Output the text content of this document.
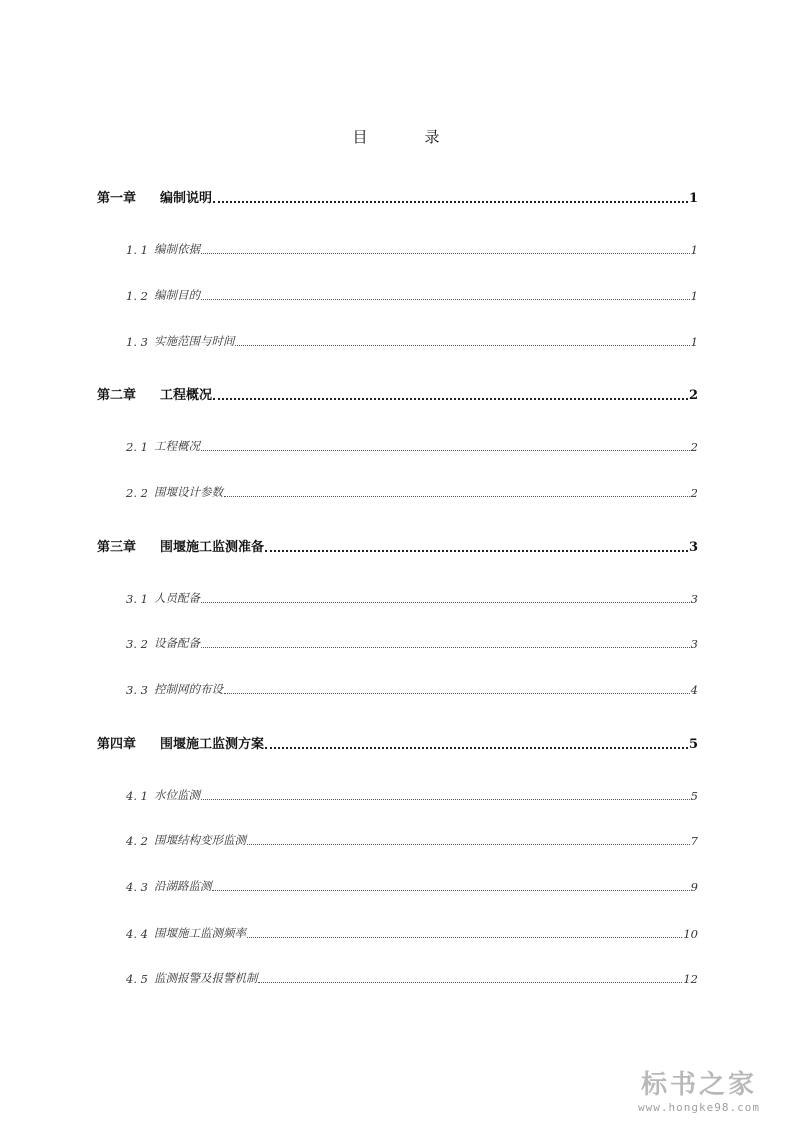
目	录
第一章	编制说明	1
1. 1 编制依据	1
1. 2 编制目的	1
1. 3 实施范围与时间	1
第二章	工程概况	2
2. 1 工程概况	2
2. 2 围堰设计参数	2
第三章	围堰施工监测准备	3
3. 1 人员配备	3
3. 2 设备配备	3
3. 3 控制网的布设	4
第四章	围堰施工监测方案	5
4. 1 水位监测	5
4. 2 围堰结构变形监测	7
4. 3 沿湖路监测	9
4. 4 围堰施工监测频率	10
4. 5 监测报警及报警机制	12
标书之家
www.hongke98.com
